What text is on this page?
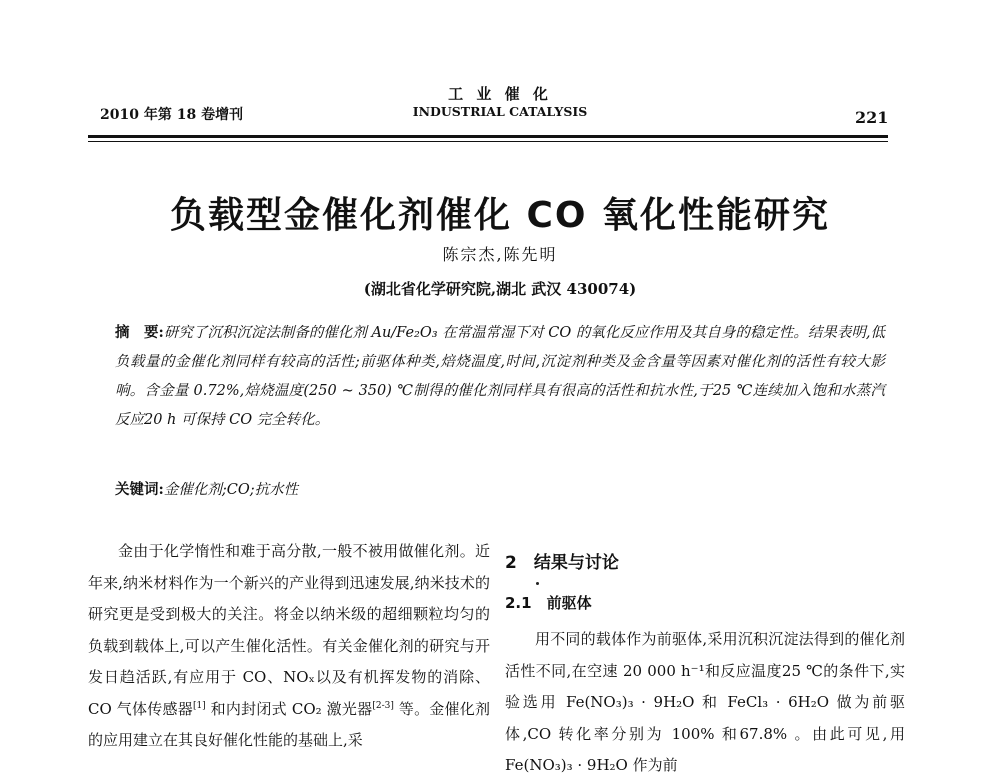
2010 年第 18 卷增刊
工 业 催 化
INDUSTRIAL CATALYSIS	221
负载型金催化剂催化 CO 氧化性能研究
陈宗杰,陈先明
(湖北省化学研究院,湖北 武汉 430074)
摘　要:研究了沉积沉淀法制备的催化剂 Au/Fe₂O₃ 在常温常湿下对 CO 的氧化反应作用及其自身的稳定性。结果表明,低负载量的金催化剂同样有较高的活性;前驱体种类,焙烧温度,时间,沉淀剂种类及金含量等因素对催化剂的活性有较大影响。含金量 0.72%,焙烧温度(250 ~ 350) ℃制得的催化剂同样具有很高的活性和抗水性,于25 ℃连续加入饱和水蒸汽反应20 h 可保持 CO 完全转化。
关键词:金催化剂;CO;抗水性
金由于化学惰性和难于高分散,一般不被用做催化剂。近年来,纳米材料作为一个新兴的产业得到迅速发展,纳米技术的研究更是受到极大的关注。将金以纳米级的超细颗粒均匀的负载到载体上,可以产生催化活性。有关金催化剂的研究与开发日趋活跃,有应用于 CO、NOₓ以及有机挥发物的消除、CO 气体传感器[1] 和内封闭式 CO₂ 激光器[2-3] 等。金催化剂的应用建立在其良好催化性能的基础上,采
2　结果与讨论
2.1　前驱体
用不同的载体作为前驱体,采用沉积沉淀法得到的催化剂活性不同,在空速 20 000 h⁻¹和反应温度25 ℃的条件下,实验选用 Fe(NO₃)₃ · 9H₂O 和 FeCl₃ · 6H₂O 做为前驱体,CO 转化率分别为 100% 和67.8% 。由此可见,用 Fe(NO₃)₃ · 9H₂O 作为前
